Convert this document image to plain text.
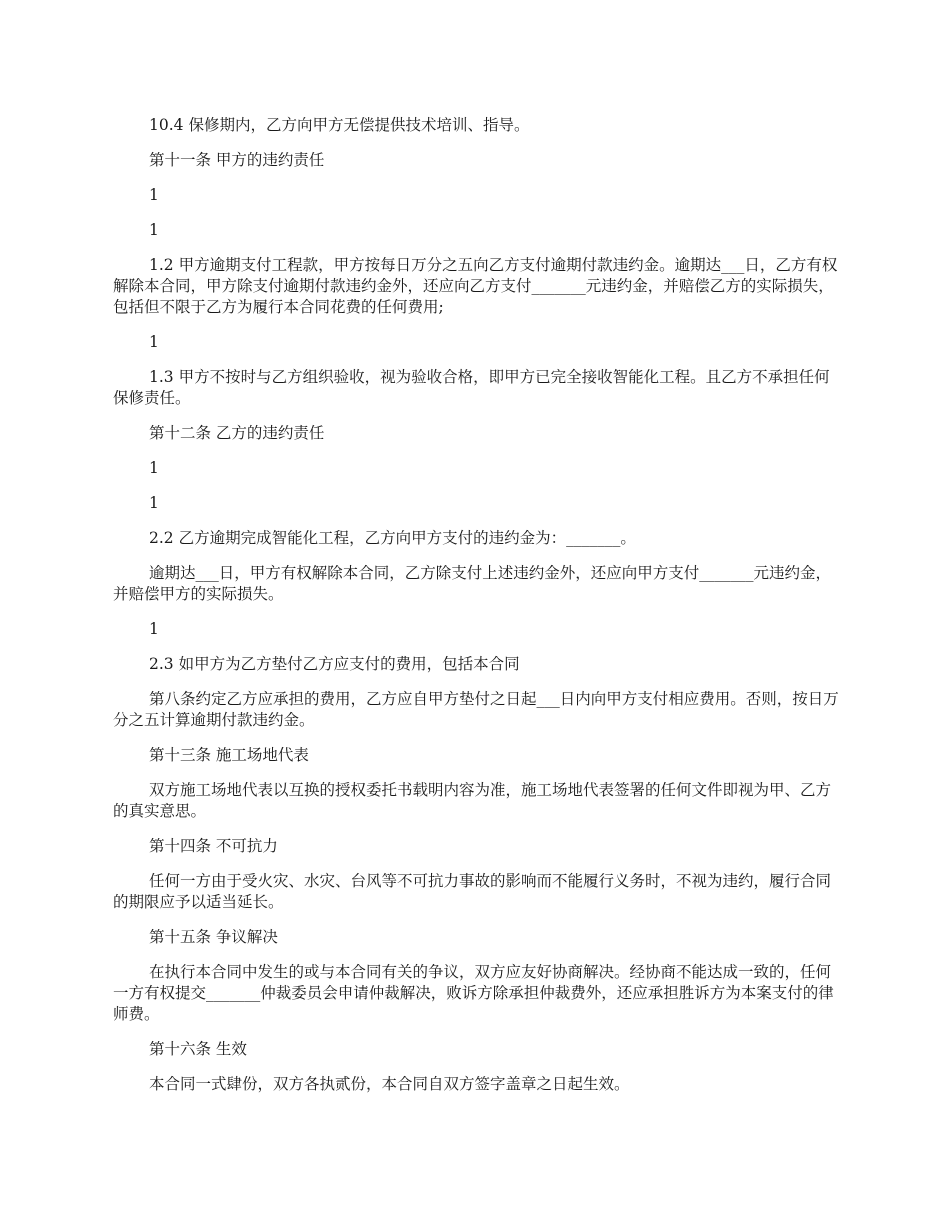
10.4 保修期内，乙方向甲方无偿提供技术培训、指导。

第十一条 甲方的违约责任

1

1

1.2 甲方逾期支付工程款，甲方按每日万分之五向乙方支付逾期付款违约金。逾期达___日，乙方有权解除本合同，甲方除支付逾期付款违约金外，还应向乙方支付_______元违约金，并赔偿乙方的实际损失，包括但不限于乙方为履行本合同花费的任何费用;

1

1.3 甲方不按时与乙方组织验收，视为验收合格，即甲方已完全接收智能化工程。且乙方不承担任何保修责任。

第十二条 乙方的违约责任

1

1

2.2 乙方逾期完成智能化工程，乙方向甲方支付的违约金为：_______。

逾期达___日，甲方有权解除本合同，乙方除支付上述违约金外，还应向甲方支付_______元违约金，并赔偿甲方的实际损失。

1

2.3 如甲方为乙方垫付乙方应支付的费用，包括本合同

第八条约定乙方应承担的费用，乙方应自甲方垫付之日起___日内向甲方支付相应费用。否则，按日万分之五计算逾期付款违约金。

第十三条 施工场地代表

双方施工场地代表以互换的授权委托书载明内容为准，施工场地代表签署的任何文件即视为甲、乙方的真实意思。

第十四条 不可抗力

任何一方由于受火灾、水灾、台风等不可抗力事故的影响而不能履行义务时，不视为违约，履行合同的期限应予以适当延长。

第十五条 争议解决

在执行本合同中发生的或与本合同有关的争议，双方应友好协商解决。经协商不能达成一致的，任何一方有权提交_______仲裁委员会申请仲裁解决，败诉方除承担仲裁费外，还应承担胜诉方为本案支付的律师费。

第十六条 生效

本合同一式肆份，双方各执贰份，本合同自双方签字盖章之日起生效。
